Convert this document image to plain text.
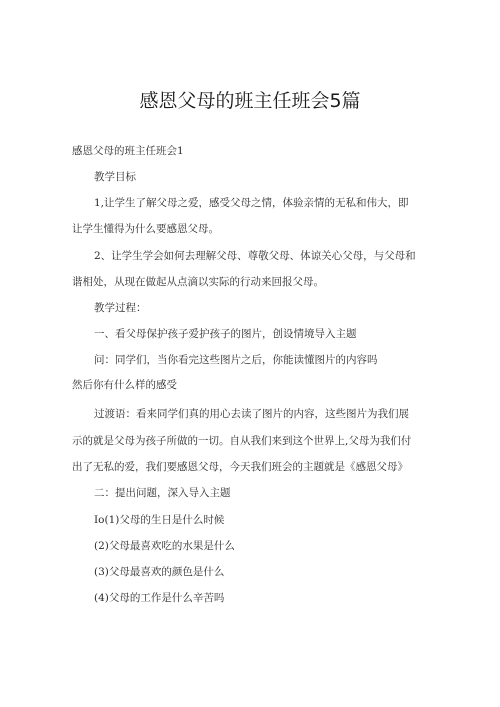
感恩父母的班主任班会5篇

感恩父母的班主任班会1

教学目标

1,让学生了解父母之爱，感受父母之情，体验亲情的无私和伟大，即

让学生懂得为什么要感恩父母。

2、让学生学会如何去理解父母、尊敬父母、体谅关心父母，与父母和

谐相处，从现在做起从点滴以实际的行动来回报父母。

教学过程：

一、看父母保护孩子爱护孩子的图片，创设情境导入主题

问：同学们，当你看完这些图片之后，你能读懂图片的内容吗

然后你有什么样的感受

过渡语：看来同学们真的用心去读了图片的内容，这些图片为我们展

示的就是父母为孩子所做的一切。自从我们来到这个世界上,父母为我们付

出了无私的爱，我们要感恩父母，今天我们班会的主题就是《感恩父母》

二：提出问题，深入导入主题

Io(1)父母的生日是什么时候

(2)父母最喜欢吃的水果是什么

(3)父母最喜欢的颜色是什么

(4)父母的工作是什么辛苦吗
